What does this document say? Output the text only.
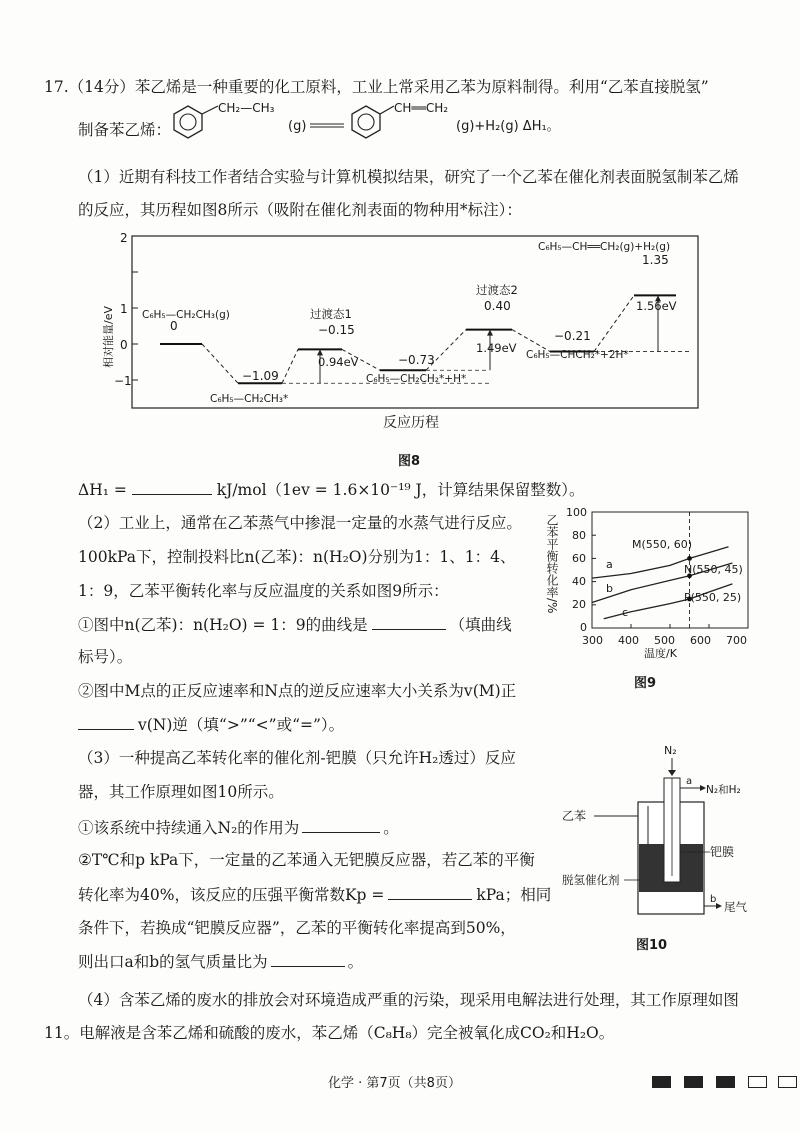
17.（14分）苯乙烯是一种重要的化工原料，工业上常采用乙苯为原料制得。利用“乙苯直接脱氢”
制备苯乙烯：
CH₂—CH₃
(g)
CH══CH₂
(g)+H₂(g) ΔH₁。
（1）近期有科技工作者结合实验与计算机模拟结果，研究了一个乙苯在催化剂表面脱氢制苯乙烯
的反应，其历程如图8所示（吸附在催化剂表面的物种用*标注）：
相对能量/eV
2
1
0
−1
C₆H₅—CH₂CH₃(g)
C₆H₅—CH₂CH₃*
过渡态1
C₆H₅—CH₂CH₂*+H*
过渡态2
C₆H₅—CHCH₂*+2H*
C₆H₅—CH══CH₂(g)+H₂(g)
0
−1.09
−0.15
−0.73
0.40
−0.21
1.35
0.94eV
1.49eV
1.56eV
反应历程
图8
ΔH₁ =	kJ/mol（1ev = 1.6×10⁻¹⁹ J，计算结果保留整数）。
（2）工业上，通常在乙苯蒸气中掺混一定量的水蒸气进行反应。
100kPa下，控制投料比n(乙苯)：n(H₂O)分别为1：1、1：4、
1：9，乙苯平衡转化率与反应温度的关系如图9所示：
①图中n(乙苯)：n(H₂O) = 1：9的曲线是	（填曲线
标号）。
②图中M点的正反应速率和N点的逆反应速率大小关系为v(M)正
v(N)逆（填“>”“<”或“=”）。
乙苯平衡转化率/%
100
80
60
40
20
0
300 400 500 600 700
温度/K
a
b
c
M(550, 60)
N(550, 45)
P(550, 25)
图9
（3）一种提高乙苯转化率的催化剂-钯膜（只允许H₂透过）反应
器，其工作原理如图10所示。
①该系统中持续通入N₂的作用为	。
②T℃和p kPa下，一定量的乙苯通入无钯膜反应器，若乙苯的平衡
转化率为40%，该反应的压强平衡常数Kp =	kPa；相同
条件下，若换成“钯膜反应器”，乙苯的平衡转化率提高到50%，
则出口a和b的氢气质量比为	。
N₂
a
N₂和H₂
乙苯
钯膜
脱氢催化剂
b
尾气
图10
（4）含苯乙烯的废水的排放会对环境造成严重的污染，现采用电解法进行处理，其工作原理如图
11。电解液是含苯乙烯和硫酸的废水，苯乙烯（C₈H₈）完全被氧化成CO₂和H₂O。
化学 · 第7页（共8页）
